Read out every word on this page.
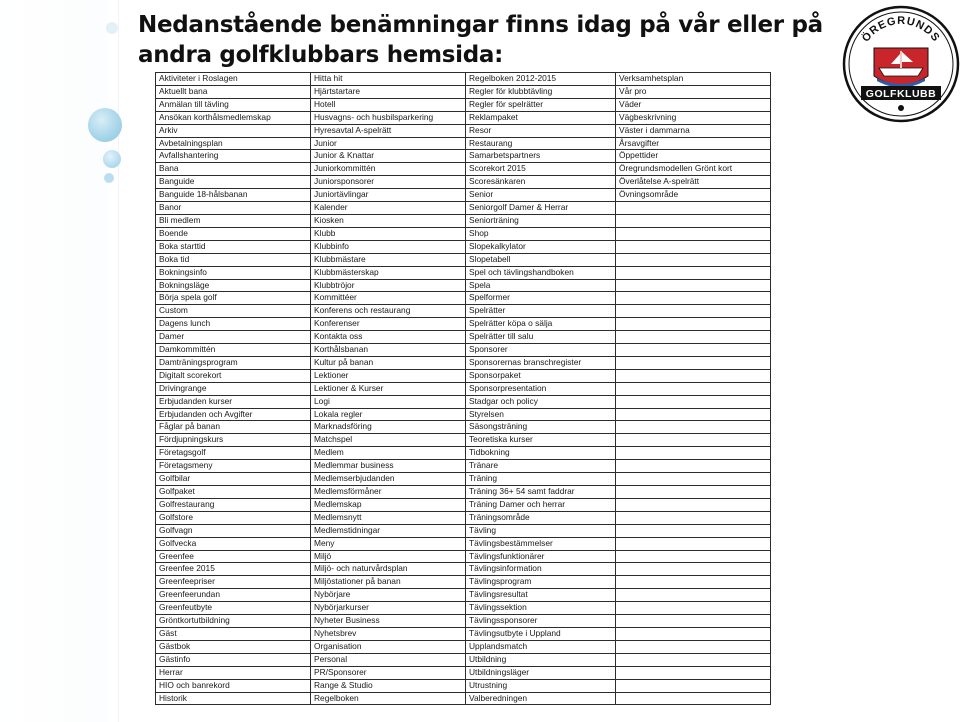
Nedanstående benämningar finns idag på vår eller på andra golfklubbars hemsida:
ÖREGRUNDS
GOLFKLUBB
Aktiviteter i Roslagen	Hitta hit	Regelboken 2012-2015	Verksamhetsplan
Aktuellt bana	Hjärtstartare	Regler för klubbtävling	Vår pro
Anmälan till tävling	Hotell	Regler för spelrätter	Väder
Ansökan korthålsmedlemskap	Husvagns- och husbilsparkering	Reklampaket	Vägbeskrivning
Arkiv	Hyresavtal A-spelrätt	Resor	Väster i dammarna
Avbetalningsplan	Junior	Restaurang	Årsavgifter
Avfallshantering	Junior & Knattar	Samarbetspartners	Öppettider
Bana	Juniorkommittén	Scorekort 2015	Öregrundsmodellen Grönt kort
Banguide	Juniorsponsorer	Scoresänkaren	Överlåtelse A-spelrätt
Banguide 18-hålsbanan	Juniortävlingar	Senior	Övningsområde
Banor	Kalender	Seniorgolf Damer & Herrar	
Bli medlem	Kiosken	Seniorträning	
Boende	Klubb	Shop	
Boka starttid	Klubbinfo	Slopekalkylator	
Boka tid	Klubbmästare	Slopetabell	
Bokningsinfo	Klubbmästerskap	Spel och tävlingshandboken	
Bokningsläge	Klubbtröjor	Spela	
Börja spela golf	Kommittéer	Spelformer	
Custom	Konferens och restaurang	Spelrätter	
Dagens lunch	Konferenser	Spelrätter köpa o sälja	
Damer	Kontakta oss	Spelrätter till salu	
Damkommittén	Korthålsbanan	Sponsorer	
Damträningsprogram	Kultur på banan	Sponsorernas branschregister	
Digitalt scorekort	Lektioner	Sponsorpaket	
Drivingrange	Lektioner & Kurser	Sponsorpresentation	
Erbjudanden kurser	Logi	Stadgar och policy	
Erbjudanden och Avgifter	Lokala regler	Styrelsen	
Fåglar på banan	Marknadsföring	Säsongsträning	
Fördjupningskurs	Matchspel	Teoretiska kurser	
Företagsgolf	Medlem	Tidbokning	
Företagsmeny	Medlemmar business	Tränare	
Golfbilar	Medlemserbjudanden	Träning	
Golfpaket	Medlemsförmåner	Träning 36+ 54 samt faddrar	
Golfrestaurang	Medlemskap	Träning Damer och herrar	
Golfstore	Medlemsnytt	Träningsområde	
Golfvagn	Medlemstidningar	Tävling	
Golfvecka	Meny	Tävlingsbestämmelser	
Greenfee	Miljö	Tävlingsfunktionärer	
Greenfee 2015	Miljö- och naturvårdsplan	Tävlingsinformation	
Greenfeepriser	Miljöstationer på banan	Tävlingsprogram	
Greenfeerundan	Nybörjare	Tävlingsresultat	
Greenfeutbyte	Nybörjarkurser	Tävlingssektion	
Gröntkortutbildning	Nyheter Business	Tävlingssponsorer	
Gäst	Nyhetsbrev	Tävlingsutbyte i Uppland	
Gästbok	Organisation	Upplandsmatch	
Gästinfo	Personal	Utbildning	
Herrar	PR/Sponsorer	Utbildningsläger	
HIO och banrekord	Range & Studio	Utrustning	
Historik	Regelboken	Valberedningen	
